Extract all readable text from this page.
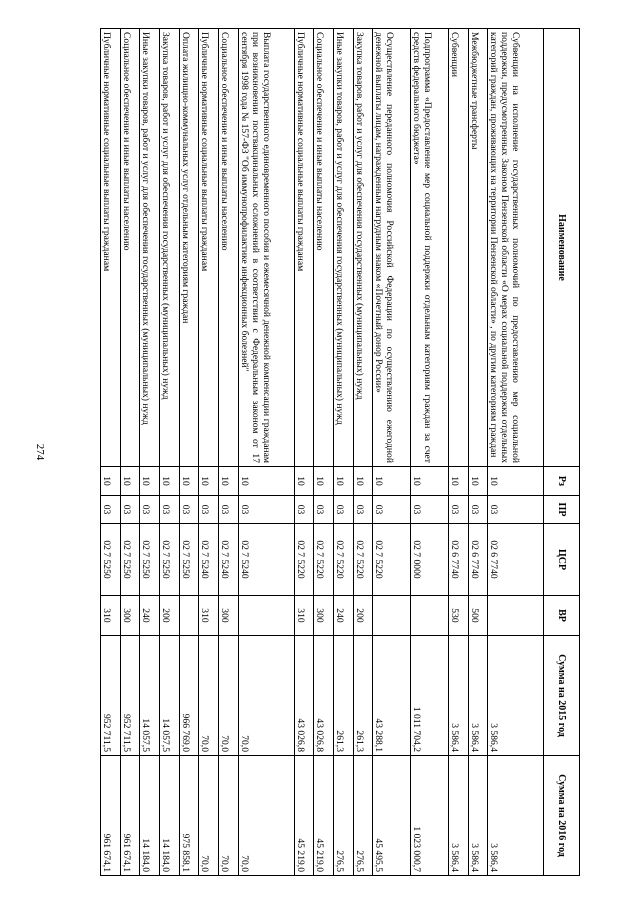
274
Наименование	Рз	ПР	ЦСР	ВР	Сумма на 2015 год	Сумма на 2016 год
Субвенции на исполнение государственных полномочий по предоставлению мер социальной поддержки, предусмотренных Законом Пензенской области «О мерах социальной поддержки отдельных категорий граждан, проживающих на территории Пензенской области» , по другим категориям граждан	10	03	02 6 7740		3 586,4	3 586,4
Межбюджетные трансферты	10	03	02 6 7740	500	3 586,4	3 586,4
Субвенции	10	03	02 6 7740	530	3 586,4	3 586,4
Подпрограмма «Предоставление мер социальной поддержки отдельным категориям граждан за счет средств федерального бюджета»	10	03	02 7 0000		1 011 704,2	1 023 000,7
Осуществление переданного полномочия Российской Федерации по осуществлению ежегодной денежной выплаты лицам, награжденным нагрудным знаком «Почетный донор России»	10	03	02 7 5220		43 288,1	45 495,5
Закупка товаров, работ и услуг для обеспечения государственных (муниципальных) нужд	10	03	02 7 5220	200	261,3	276,5
Иные закупки товаров, работ и услуг для обеспечения государственных (муниципальных) нужд	10	03	02 7 5220	240	261,3	276,5
Социальное обеспечение и иные выплаты населению	10	03	02 7 5220	300	43 026,8	45 219,0
Публичные нормативные социальные выплаты гражданам	10	03	02 7 5220	310	43 026,8	45 219,0
Выплата государственного единовременного пособия и ежемесячной денежной компенсации гражданам при возникновении поствакцинальных осложнений в соответствии с Федеральным законом от 17 сентября 1998 года № 157-ФЗ "Об иммунопрофилактике инфекционных болезней"	10	03	02 7 5240		70,0	70,0
Социальное обеспечение и иные выплаты населению	10	03	02 7 5240	300	70,0	70,0
Публичные нормативные социальные выплаты гражданам	10	03	02 7 5240	310	70,0	70,0
Оплата жилищно-коммунальных услуг отдельным категориям граждан	10	03	02 7 5250		966 769,0	975 858,1
Закупка товаров, работ и услуг для обеспечения государственных (муниципальных) нужд	10	03	02 7 5250	200	14 057,5	14 184,0
Иные закупки товаров, работ и услуг для обеспечения государственных (муниципальных) нужд	10	03	02 7 5250	240	14 057,5	14 184,0
Социальное обеспечение и иные выплаты населению	10	03	02 7 5250	300	952 711,5	961 674,1
Публичные нормативные социальные выплаты гражданам	10	03	02 7 5250	310	952 711,5	961 674,1
